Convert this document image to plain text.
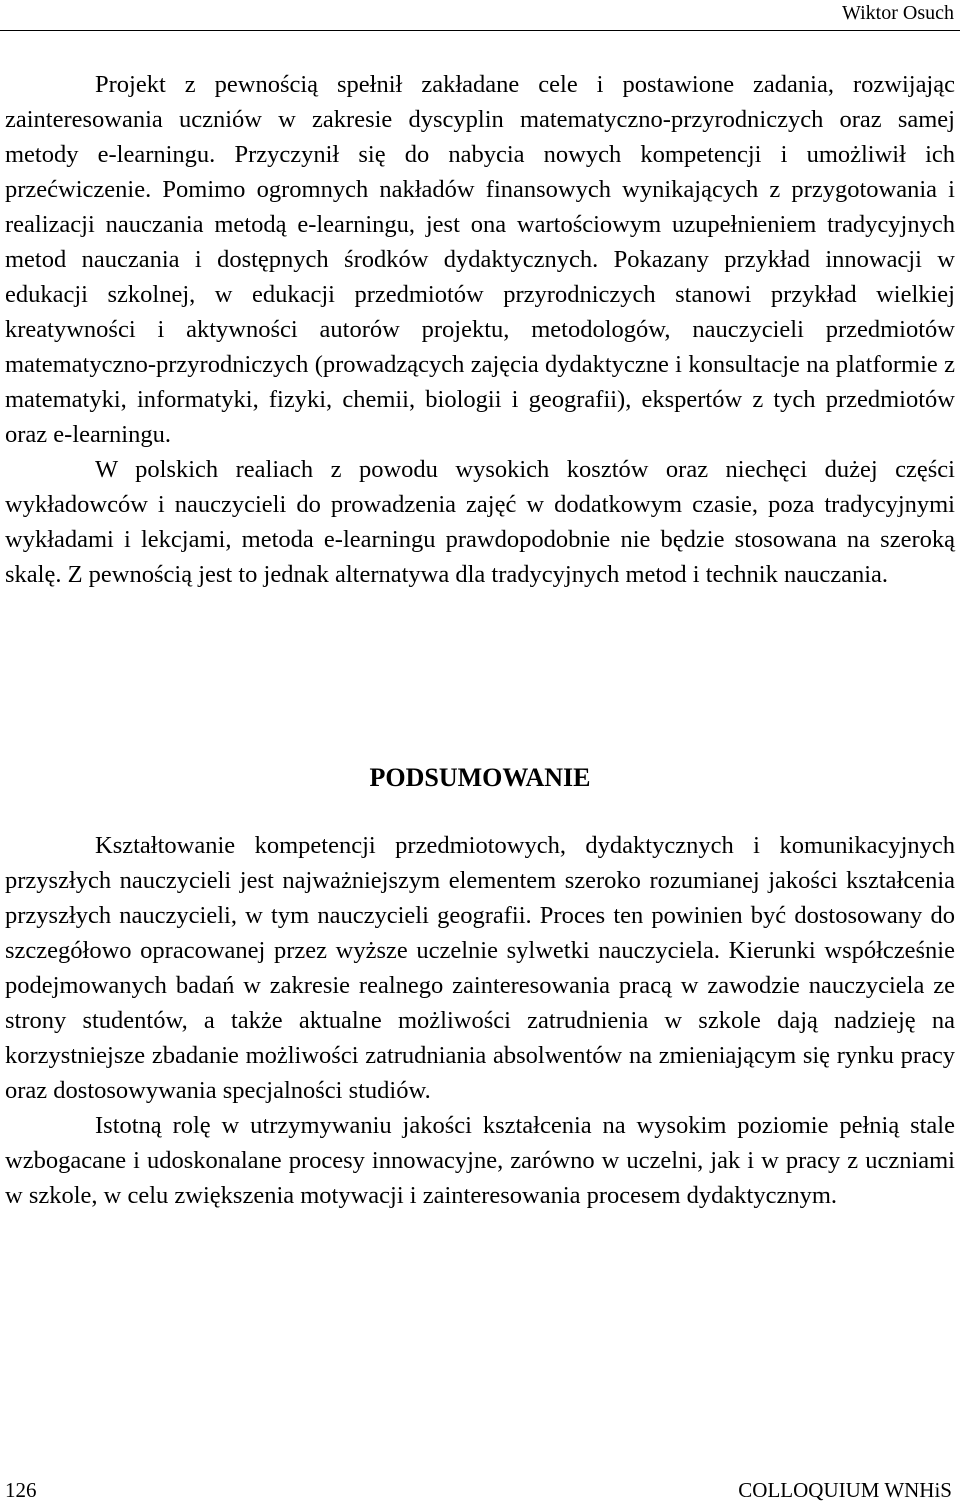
Wiktor Osuch

Projekt z pewnością spełnił zakładane cele i postawione zadania, rozwijając zainteresowania uczniów w zakresie dyscyplin matematyczno-przyrodniczych oraz samej metody e-learningu. Przyczynił się do nabycia nowych kompetencji i umożliwił ich przećwiczenie. Pomimo ogromnych nakładów finansowych wynikających z przygotowania i realizacji nauczania metodą e-learningu, jest ona wartościowym uzupełnieniem tradycyjnych metod nauczania i dostępnych środków dydaktycznych. Pokazany przykład innowacji w edukacji szkolnej, w edukacji przedmiotów przyrodniczych stanowi przykład wielkiej kreatywności i aktywności autorów projektu, metodologów, nauczycieli przedmiotów matematyczno-przyrodniczych (prowadzących zajęcia dydaktyczne i konsultacje na platformie z matematyki, informatyki, fizyki, chemii, biologii i geografii), ekspertów z tych przedmiotów oraz e-learningu.

W polskich realiach z powodu wysokich kosztów oraz niechęci dużej części wykładowców i nauczycieli do prowadzenia zajęć w dodatkowym czasie, poza tradycyjnymi wykładami i lekcjami, metoda e-learningu prawdopodobnie nie będzie stosowana na szeroką skalę. Z pewnością jest to jednak alternatywa dla tradycyjnych metod i technik nauczania.

PODSUMOWANIE

Kształtowanie kompetencji przedmiotowych, dydaktycznych i komunikacyjnych przyszłych nauczycieli jest najważniejszym elementem szeroko rozumianej jakości kształcenia przyszłych nauczycieli, w tym nauczycieli geografii. Proces ten powinien być dostosowany do szczegółowo opracowanej przez wyższe uczelnie sylwetki nauczyciela. Kierunki współcześnie podejmowanych badań w zakresie realnego zainteresowania pracą w zawodzie nauczyciela ze strony studentów, a także aktualne możliwości zatrudnienia w szkole dają nadzieję na korzystniejsze zbadanie możliwości zatrudniania absolwentów na zmieniającym się rynku pracy oraz dostosowywania specjalności studiów.

Istotną rolę w utrzymywaniu jakości kształcenia na wysokim poziomie pełnią stale wzbogacane i udoskonalane procesy innowacyjne, zarówno w uczelni, jak i w pracy z uczniami w szkole, w celu zwiększenia motywacji i zainteresowania procesem dydaktycznym.

126	COLLOQUIUM WNHiS
